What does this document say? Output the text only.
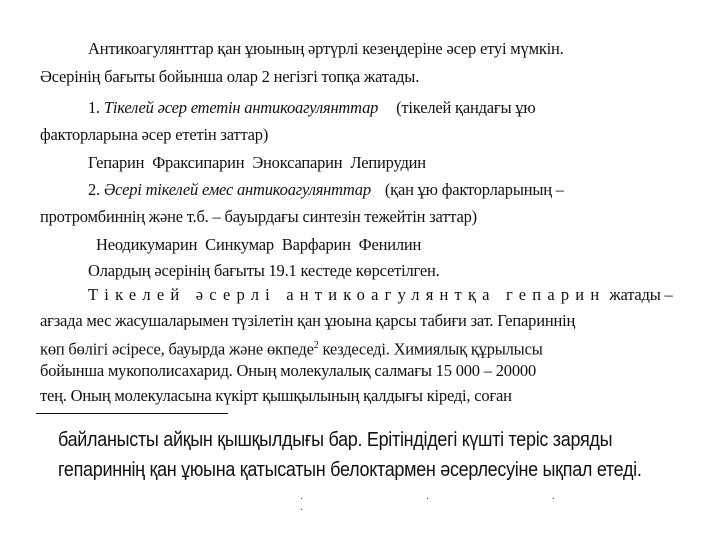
Антикоагулянттар қан ұюының әртүрлі кезеңдеріне әсер етуі мүмкін.
Әсерінің бағыты бойынша олар 2 негізгі топқа жатады.
1. Тікелей әсер ететін антикоагулянттар (тікелей қандағы ұю
факторларына әсер ететін заттар)
Гепарин Фраксипарин Эноксапарин Лепирудин
2. Әсері тікелей емес антикоагулянттар (қан ұю факторларының –
протромбиннің және т.б. – бауырдағы синтезін тежейтін заттар)
Неодикумарин Синкумар Варфарин Фенилин
Олардың әсерінің бағыты 19.1 кестеде көрсетілген.
Тікелей әсерлі антикоагулянтқа гепарин жатады –
ағзада мес жасушаларымен түзілетін қан ұюына қарсы табиғи зат. Гепариннің
көп бөлігі әсіресе, бауырда және өкпеде$^2$ кездеседі. Химиялық құрылысы
бойынша мукополисахарид. Оның молекулалық салмағы 15 000 – 20000
тең. Оның молекуласына күкірт қышқылының қалдығы кіреді, соған
байланысты айқын қышқылдығы бар. Ерітіндідегі күшті теріс заряды
гепариннің қан ұюына қатысатын белоктармен әсерлесуіне ықпал етеді.
· · · ·
